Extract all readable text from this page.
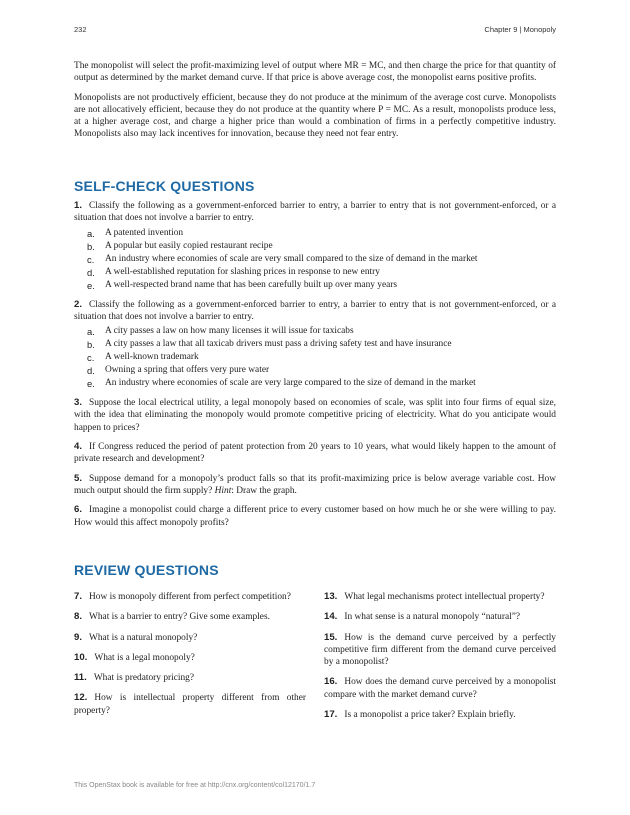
232	Chapter 9 | Monopoly

The monopolist will select the profit-maximizing level of output where MR = MC, and then charge the price for that quantity of output as determined by the market demand curve. If that price is above average cost, the monopolist earns positive profits.

Monopolists are not productively efficient, because they do not produce at the minimum of the average cost curve. Monopolists are not allocatively efficient, because they do not produce at the quantity where P = MC. As a result, monopolists produce less, at a higher average cost, and charge a higher price than would a combination of firms in a perfectly competitive industry. Monopolists also may lack incentives for innovation, because they need not fear entry.

SELF-CHECK QUESTIONS
1. Classify the following as a government-enforced barrier to entry, a barrier to entry that is not government-enforced, or a situation that does not involve a barrier to entry.
a.	A patented invention
b.	A popular but easily copied restaurant recipe
c.	An industry where economies of scale are very small compared to the size of demand in the market
d.	A well-established reputation for slashing prices in response to new entry
e.	A well-respected brand name that has been carefully built up over many years
2. Classify the following as a government-enforced barrier to entry, a barrier to entry that is not government-enforced, or a situation that does not involve a barrier to entry.
a.	A city passes a law on how many licenses it will issue for taxicabs
b.	A city passes a law that all taxicab drivers must pass a driving safety test and have insurance
c.	A well-known trademark
d.	Owning a spring that offers very pure water
e.	An industry where economies of scale are very large compared to the size of demand in the market
3. Suppose the local electrical utility, a legal monopoly based on economies of scale, was split into four firms of equal size, with the idea that eliminating the monopoly would promote competitive pricing of electricity. What do you anticipate would happen to prices?
4. If Congress reduced the period of patent protection from 20 years to 10 years, what would likely happen to the amount of private research and development?
5. Suppose demand for a monopoly’s product falls so that its profit-maximizing price is below average variable cost. How much output should the firm supply? Hint: Draw the graph.
6. Imagine a monopolist could charge a different price to every customer based on how much he or she were willing to pay. How would this affect monopoly profits?
REVIEW QUESTIONS
7. How is monopoly different from perfect competition?
8. What is a barrier to entry? Give some examples.
9. What is a natural monopoly?
10. What is a legal monopoly?
11. What is predatory pricing?
12. How is intellectual property different from other property?
13. What legal mechanisms protect intellectual property?
14. In what sense is a natural monopoly “natural”?
15. How is the demand curve perceived by a perfectly competitive firm different from the demand curve perceived by a monopolist?
16. How does the demand curve perceived by a monopolist compare with the market demand curve?
17. Is a monopolist a price taker? Explain briefly.
This OpenStax book is available for free at http://cnx.org/content/col12170/1.7
